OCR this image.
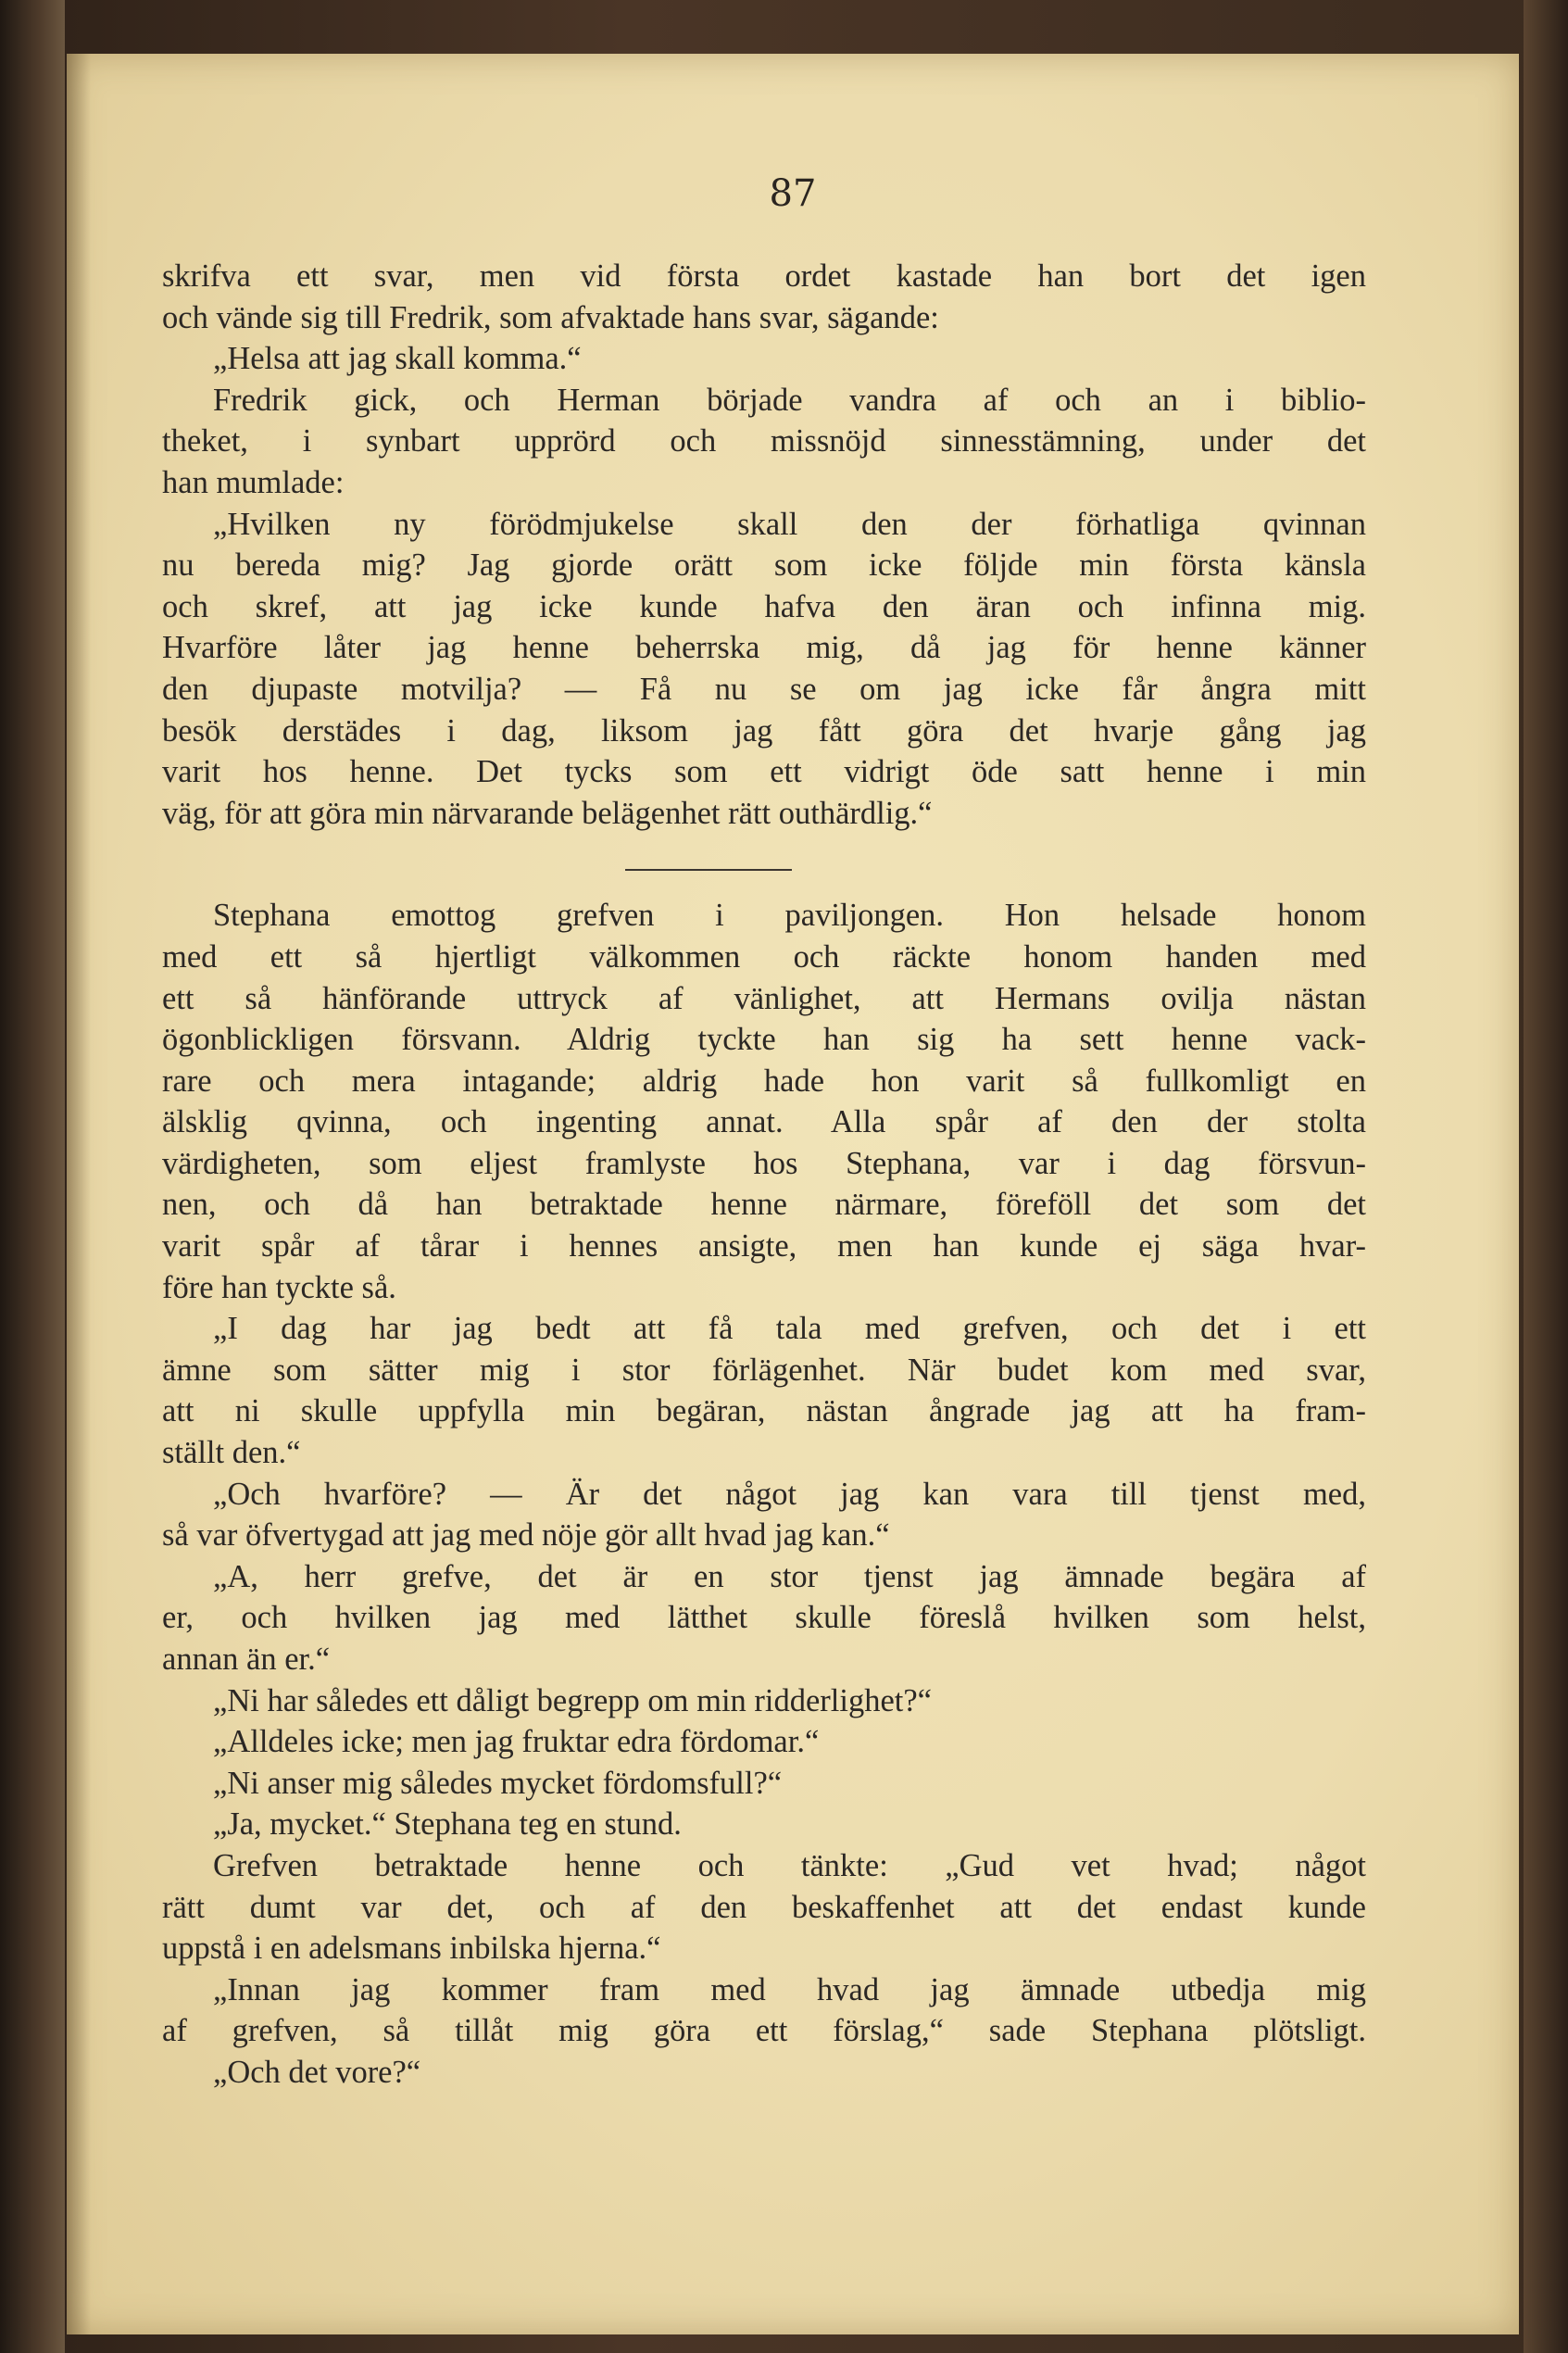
87
skrifva ett svar, men vid första ordet kastade han bort det igen
och vände sig till Fredrik, som afvaktade hans svar, sägande:
„Helsa att jag skall komma.“
Fredrik gick, och Herman började vandra af och an i biblio-
theket, i synbart upprörd och missnöjd sinnesstämning, under det
han mumlade:
„Hvilken ny förödmjukelse skall den der förhatliga qvinnan
nu bereda mig? Jag gjorde orätt som icke följde min första känsla
och skref, att jag icke kunde hafva den äran och infinna mig.
Hvarföre låter jag henne beherrska mig, då jag för henne känner
den djupaste motvilja? — Få nu se om jag icke får ångra mitt
besök derstädes i dag, liksom jag fått göra det hvarje gång jag
varit hos henne. Det tycks som ett vidrigt öde satt henne i min
väg, för att göra min närvarande belägenhet rätt outhärdlig.“
Stephana emottog grefven i paviljongen. Hon helsade honom
med ett så hjertligt välkommen och räckte honom handen med
ett så hänförande uttryck af vänlighet, att Hermans ovilja nästan
ögonblickligen försvann. Aldrig tyckte han sig ha sett henne vack-
rare och mera intagande; aldrig hade hon varit så fullkomligt en
älsklig qvinna, och ingenting annat. Alla spår af den der stolta
värdigheten, som eljest framlyste hos Stephana, var i dag försvun-
nen, och då han betraktade henne närmare, föreföll det som det
varit spår af tårar i hennes ansigte, men han kunde ej säga hvar-
före han tyckte så.
„I dag har jag bedt att få tala med grefven, och det i ett
ämne som sätter mig i stor förlägenhet. När budet kom med svar,
att ni skulle uppfylla min begäran, nästan ångrade jag att ha fram-
ställt den.“
„Och hvarföre? — Är det något jag kan vara till tjenst med,
så var öfvertygad att jag med nöje gör allt hvad jag kan.“
„A, herr grefve, det är en stor tjenst jag ämnade begära af
er, och hvilken jag med lätthet skulle föreslå hvilken som helst,
annan än er.“
„Ni har således ett dåligt begrepp om min ridderlighet?“
„Alldeles icke; men jag fruktar edra fördomar.“
„Ni anser mig således mycket fördomsfull?“
„Ja, mycket.“ Stephana teg en stund.
Grefven betraktade henne och tänkte: „Gud vet hvad; något
rätt dumt var det, och af den beskaffenhet att det endast kunde
uppstå i en adelsmans inbilska hjerna.“
„Innan jag kommer fram med hvad jag ämnade utbedja mig
af grefven, så tillåt mig göra ett förslag,“ sade Stephana plötsligt.
„Och det vore?“
